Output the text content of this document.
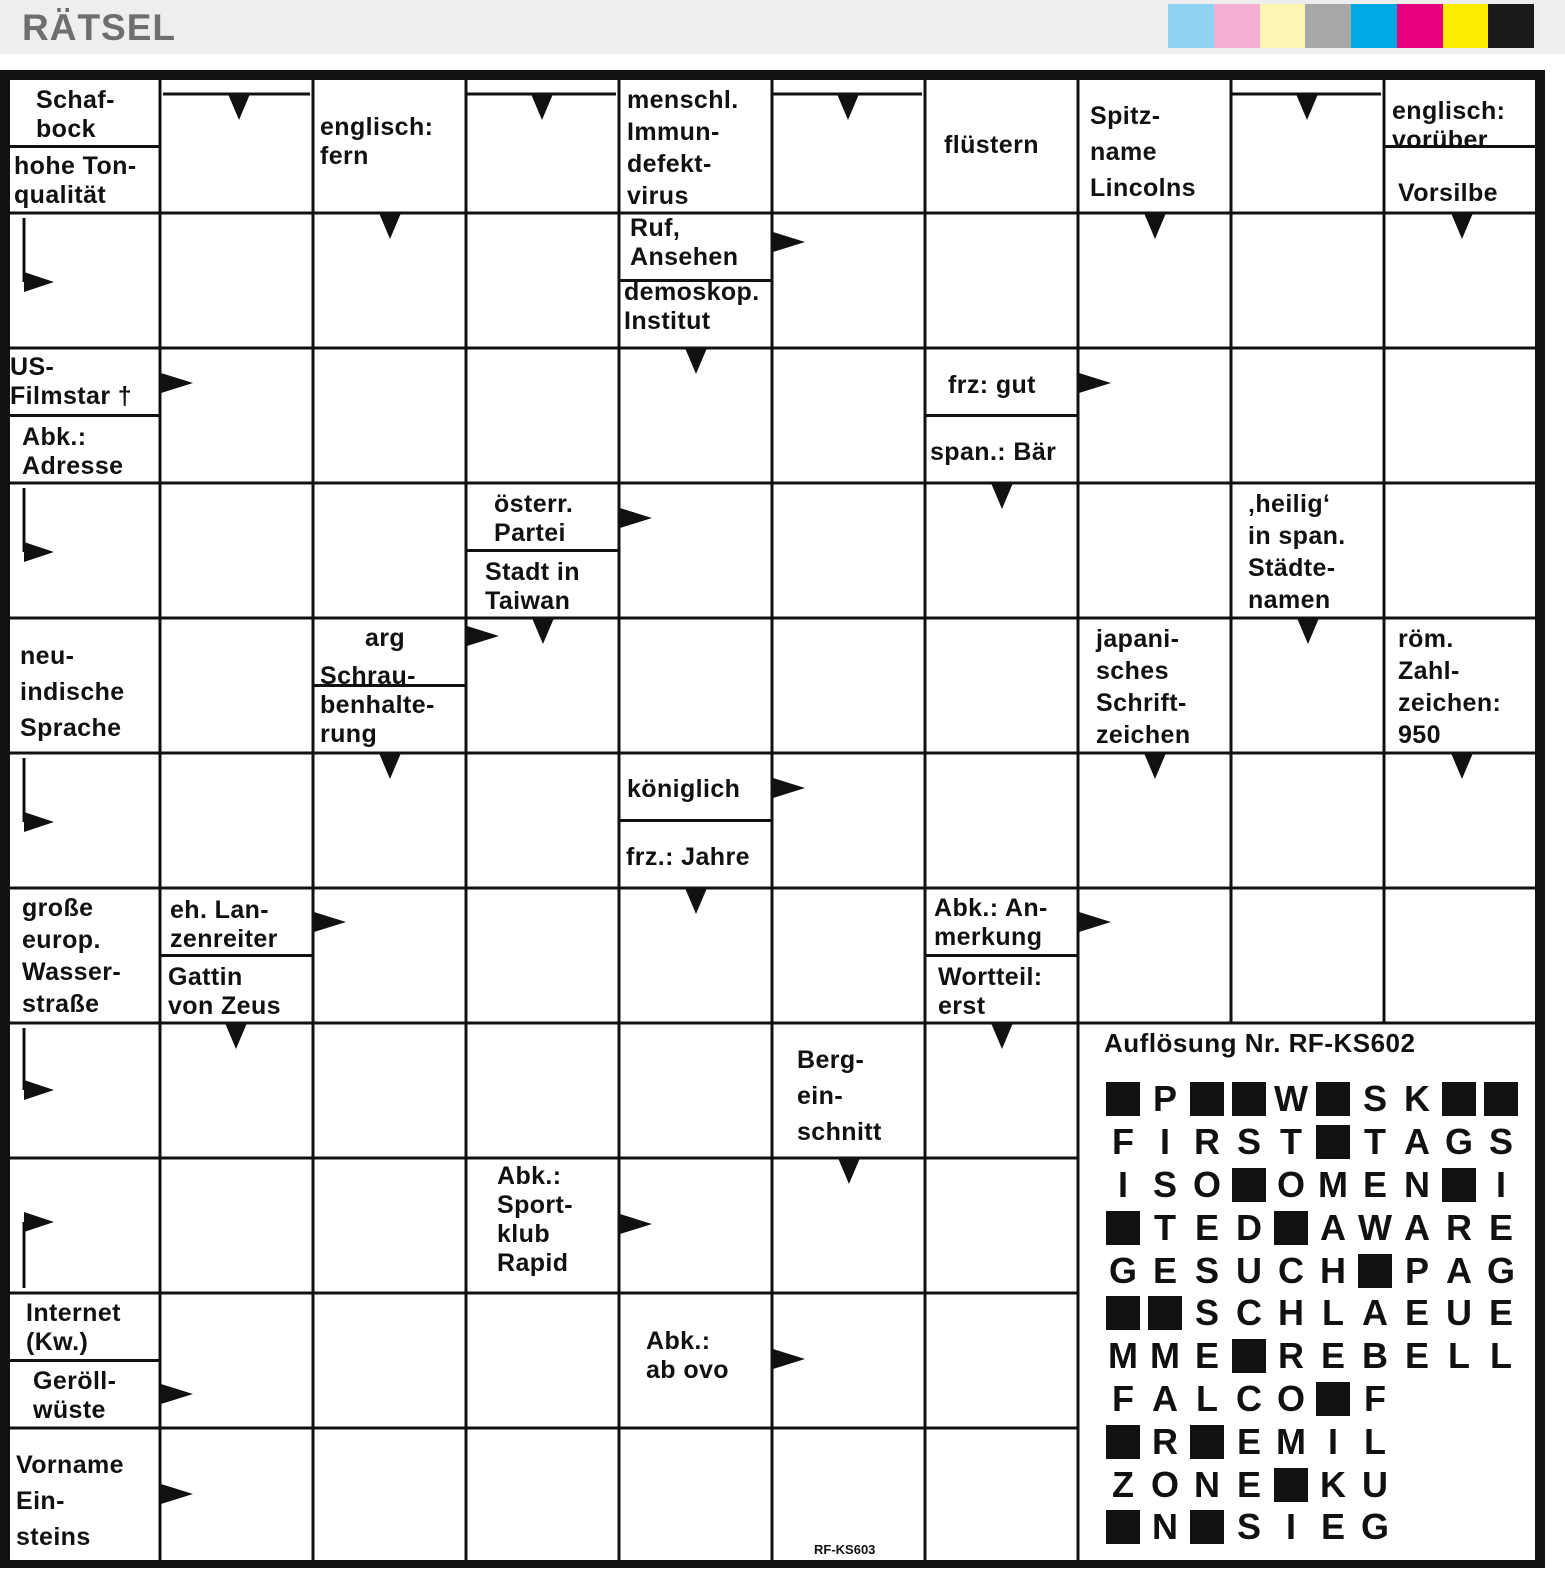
RÄTSEL
Schaf-
bock
hohe Ton-
qualität
englisch:
fern
menschl.
Immun-
defekt-
virus
flüstern
Spitz-
name
Lincolns
englisch:
vorüber
Vorsilbe
Ruf,
Ansehen
demoskop.
Institut
US-
Filmstar †
Abk.:
Adresse
frz: gut
span.: Bär
österr.
Partei
Stadt in
Taiwan
‚heilig‘
in span.
Städte-
namen
neu-
indische
Sprache
arg
Schrau-
benhalte-
rung
japani-
sches
Schrift-
zeichen
röm.
Zahl-
zeichen:
950
königlich
frz.: Jahre
große
europ.
Wasser-
straße
eh. Lan-
zenreiter
Gattin
von Zeus
Abk.: An-
merkung
Wortteil:
erst
Berg-
ein-
schnitt
Abk.:
Sport-
klub
Rapid
Internet
(Kw.)
Geröll-
wüste
Abk.:
ab ovo
Vorname
Ein-
steins
Auflösung Nr. RF-KS602
P	W S K
F I R S T T A G S
I S O O M E N	I
T E D A W A R E
G E S U C H P A G
S C H L A E U E
M M E R E B E L L
F A L C O F
R E M I L
Z O N E K U
N S I E G
RF-KS603
